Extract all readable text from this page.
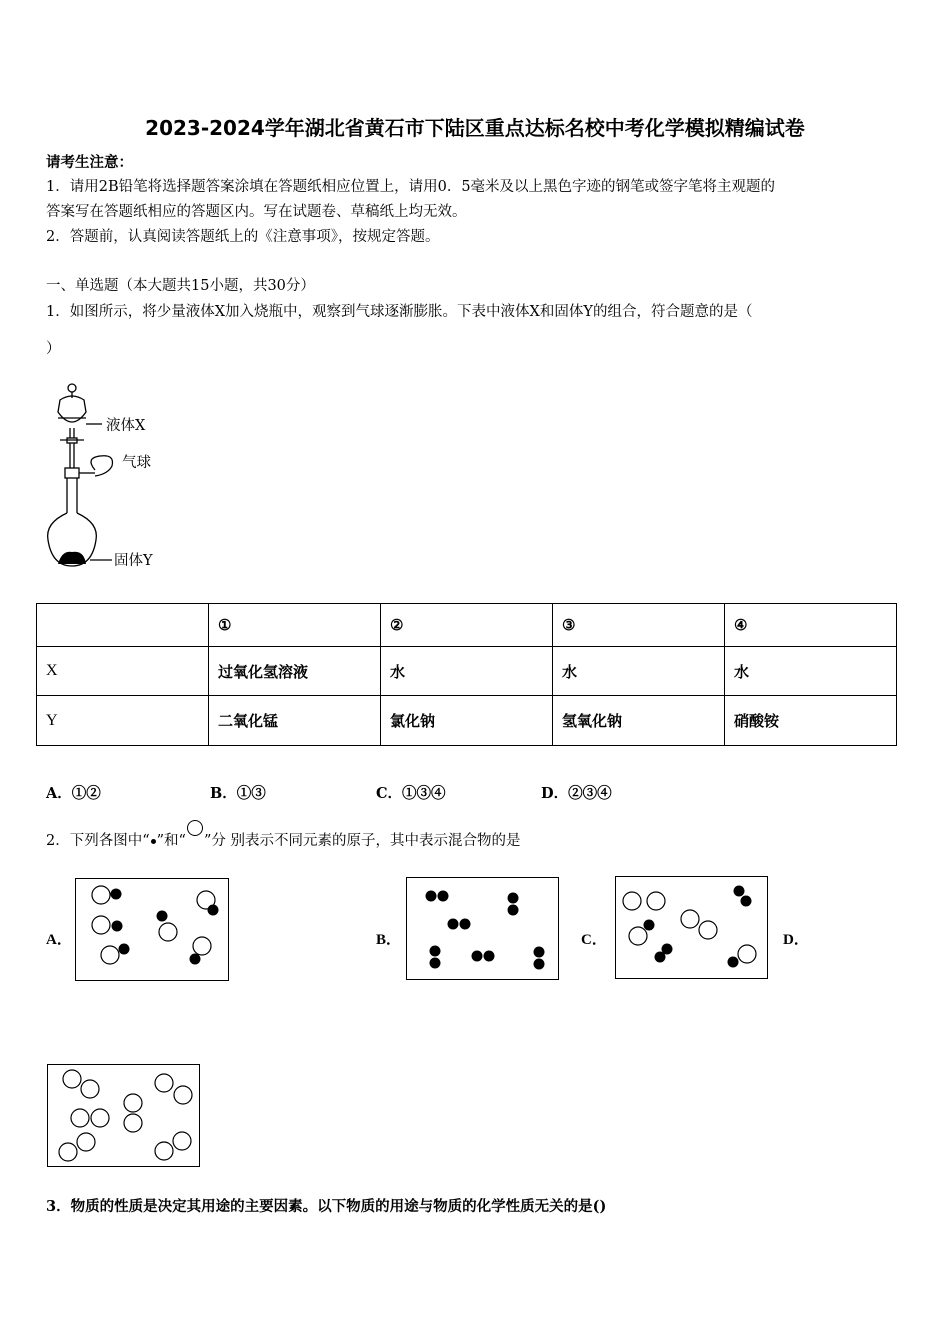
2023-2024学年湖北省黄石市下陆区重点达标名校中考化学模拟精编试卷
请考生注意：
1．请用2B铅笔将选择题答案涂填在答题纸相应位置上，请用0．5毫米及以上黑色字迹的钢笔或签字笔将主观题的
答案写在答题纸相应的答题区内。写在试题卷、草稿纸上均无效。
2．答题前，认真阅读答题纸上的《注意事项》，按规定答题。
一、单选题（本大题共15小题，共30分）
1．如图所示，将少量液体X加入烧瓶中，观察到气球逐渐膨胀。下表中液体X和固体Y的组合，符合题意的是（
）
液体X
气球
固体Y
	①	②	③	④
X	过氧化氢溶液	水	水	水
Y	二氧化锰	氯化钠	氢氧化钠	硝酸铵
A．①②	B．①③	C．①③④	D．②③④
2．下列各图中“ ”和“ ”分 别表示不同元素的原子，其中表示混合物的是
A．	B．	C．	D．
3．物质的性质是决定其用途的主要因素。以下物质的用途与物质的化学性质无关的是()
